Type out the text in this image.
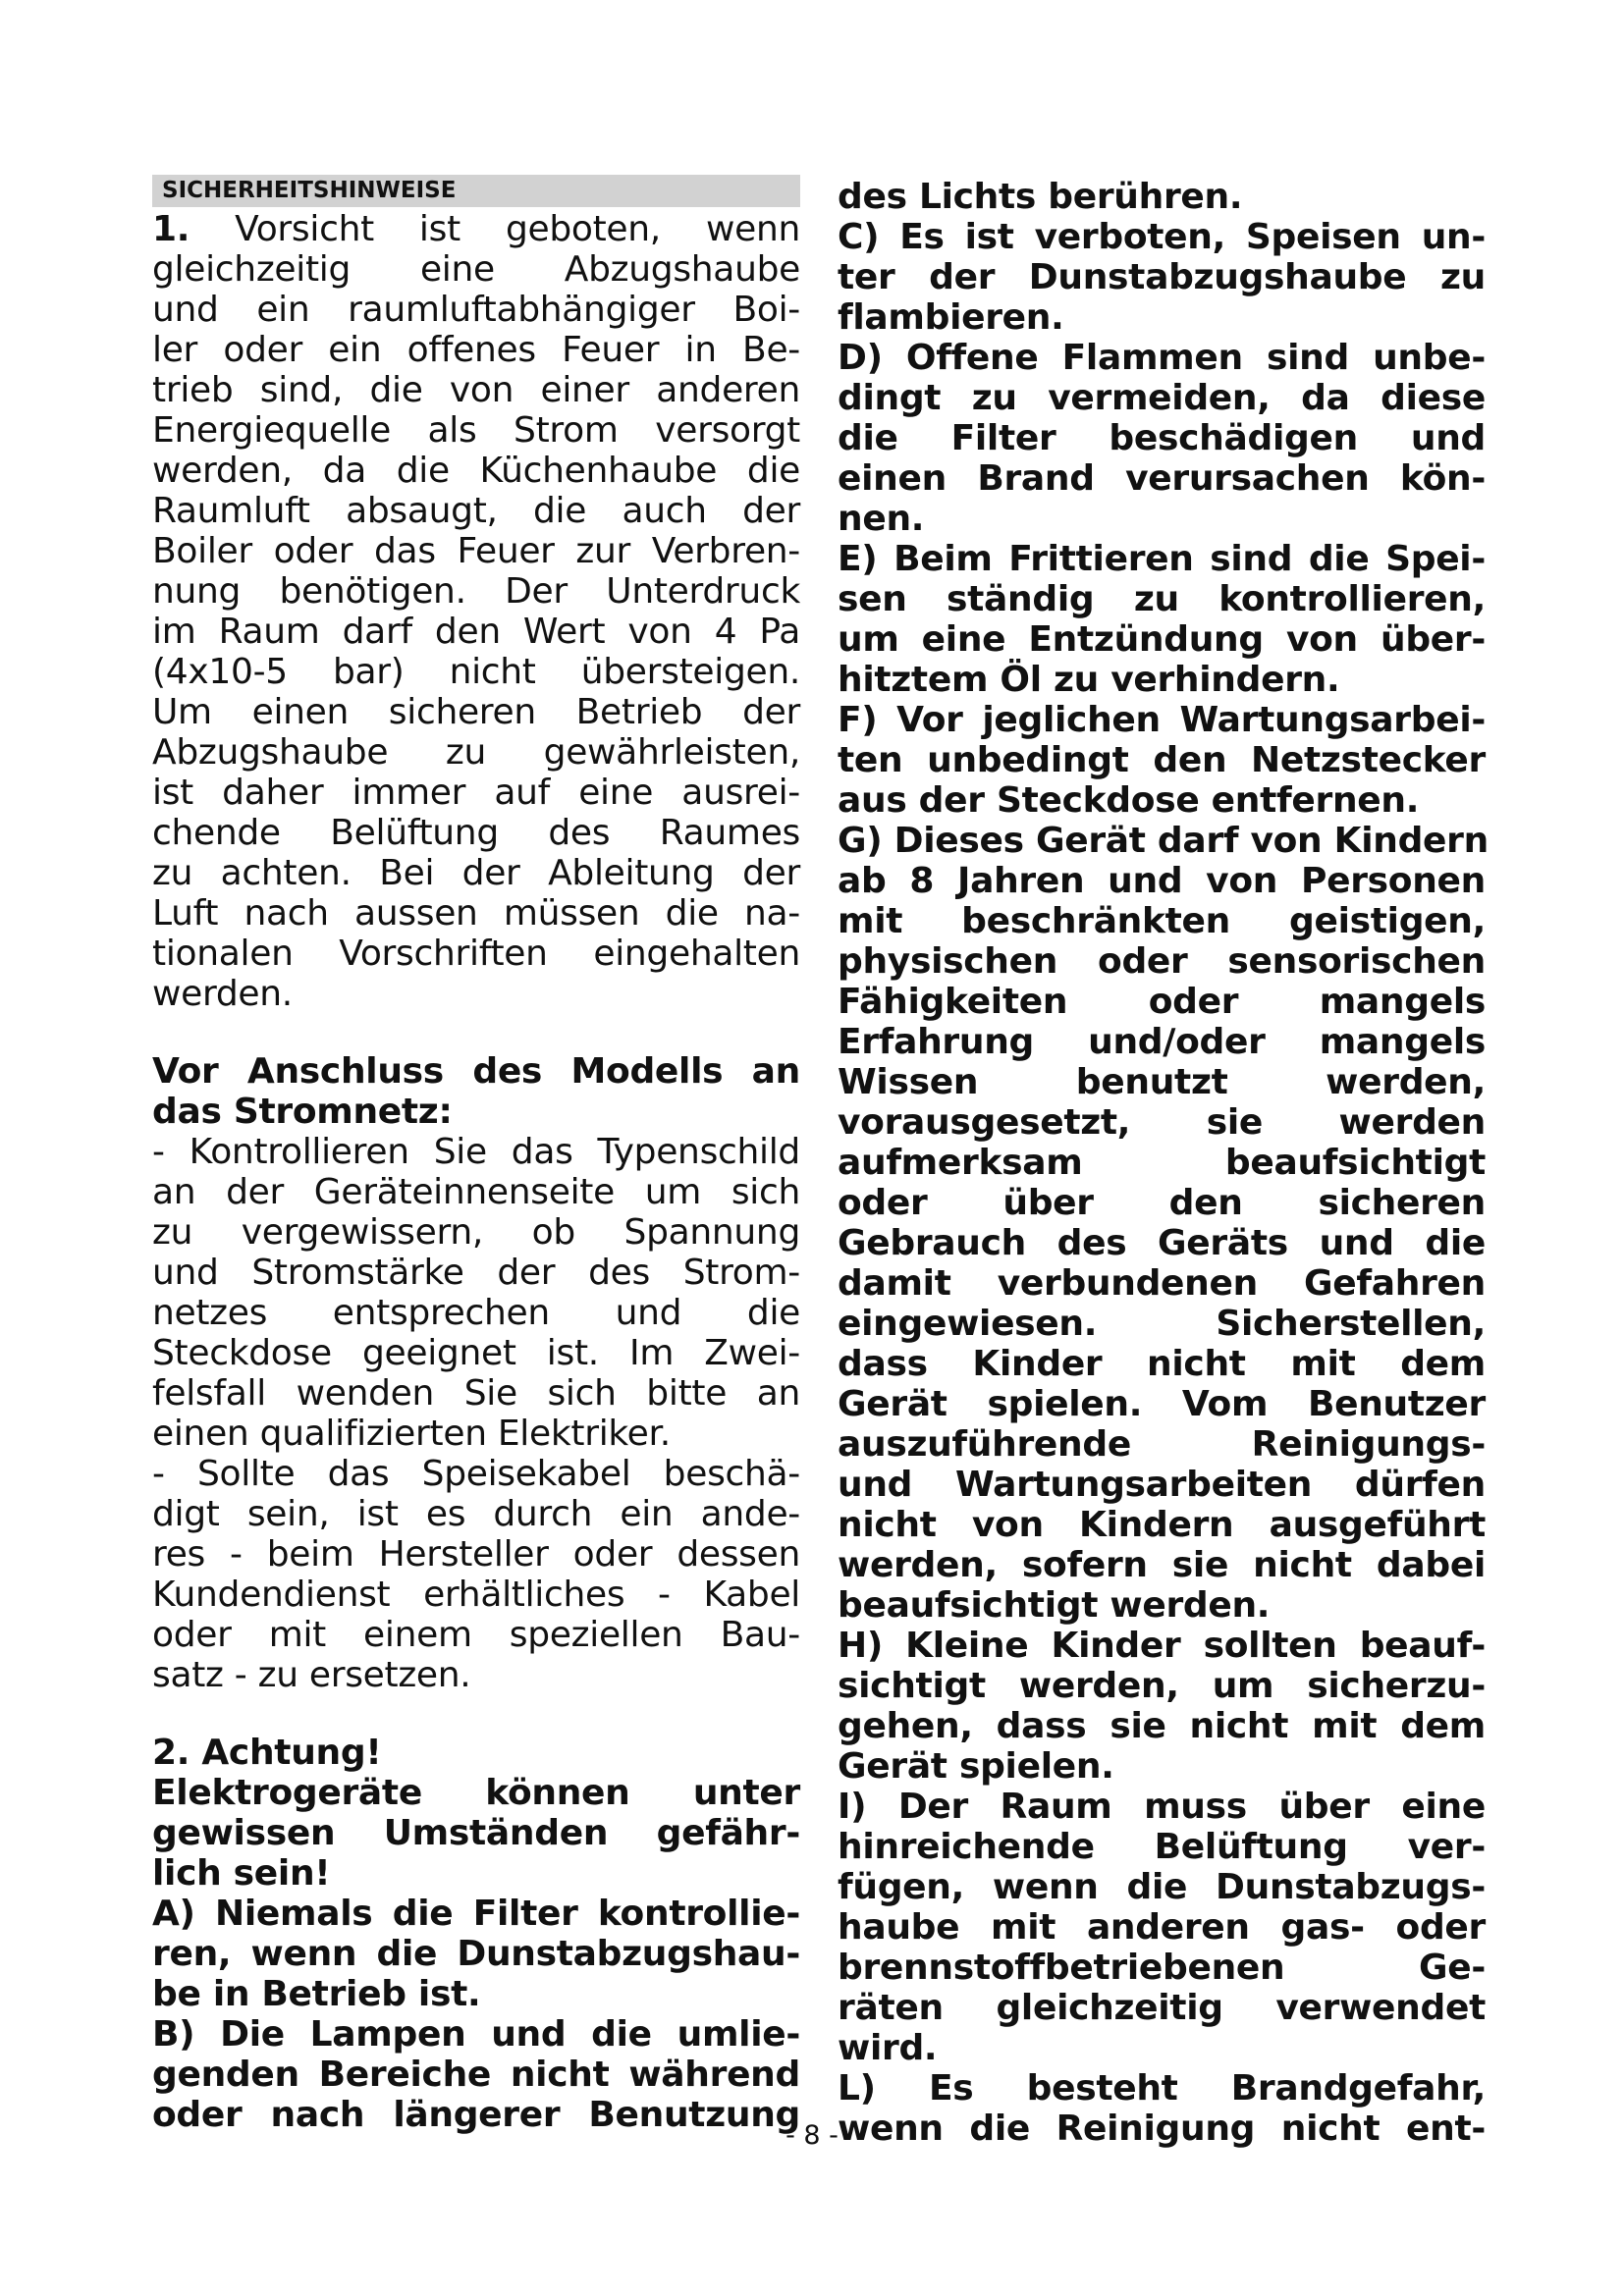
SICHERHEITSHINWEISE
1. Vorsicht ist geboten, wenn
gleichzeitig eine Abzugshaube
und ein raumluftabhängiger Boi-
ler oder ein offenes Feuer in Be-
trieb sind, die von einer anderen
Energiequelle als Strom versorgt
werden, da die Küchenhaube die
Raumluft absaugt, die auch der
Boiler oder das Feuer zur Verbren-
nung benötigen. Der Unterdruck
im Raum darf den Wert von 4 Pa
(4x10-5 bar) nicht übersteigen.
Um einen sicheren Betrieb der
Abzugshaube zu gewährleisten,
ist daher immer auf eine ausrei-
chende Belüftung des Raumes
zu achten. Bei der Ableitung der
Luft nach aussen müssen die na-
tionalen Vorschriften eingehalten
werden.
Vor Anschluss des Modells an
das Stromnetz:
- Kontrollieren Sie das Typenschild
an der Geräteinnenseite um sich
zu vergewissern, ob Spannung
und Stromstärke der des Strom-
netzes entsprechen und die
Steckdose geeignet ist. Im Zwei-
felsfall wenden Sie sich bitte an
einen qualifizierten Elektriker.
- Sollte das Speisekabel beschä-
digt sein, ist es durch ein ande-
res - beim Hersteller oder dessen
Kundendienst erhältliches - Kabel
oder mit einem speziellen Bau-
satz - zu ersetzen.
2. Achtung!
Elektrogeräte können unter
gewissen Umständen gefähr-
lich sein!
A) Niemals die Filter kontrollie-
ren, wenn die Dunstabzugshau-
be in Betrieb ist.
B) Die Lampen und die umlie-
genden Bereiche nicht während
oder nach längerer Benutzung
des Lichts berühren.
C) Es ist verboten, Speisen un-
ter der Dunstabzugshaube zu
flambieren.
D) Offene Flammen sind unbe-
dingt zu vermeiden, da diese
die Filter beschädigen und
einen Brand verursachen kön-
nen.
E) Beim Frittieren sind die Spei-
sen ständig zu kontrollieren,
um eine Entzündung von über-
hitztem Öl zu verhindern.
F) Vor jeglichen Wartungsarbei-
ten unbedingt den Netzstecker
aus der Steckdose entfernen.
G) Dieses Gerät darf von Kindern
ab 8 Jahren und von Personen
mit beschränkten geistigen,
physischen oder sensorischen
Fähigkeiten oder mangels
Erfahrung und/oder mangels
Wissen benutzt werden,
vorausgesetzt, sie werden
aufmerksam beaufsichtigt
oder über den sicheren
Gebrauch des Geräts und die
damit verbundenen Gefahren
eingewiesen. Sicherstellen,
dass Kinder nicht mit dem
Gerät spielen. Vom Benutzer
auszuführende Reinigungs-
und Wartungsarbeiten dürfen
nicht von Kindern ausgeführt
werden, sofern sie nicht dabei
beaufsichtigt werden.
H) Kleine Kinder sollten beauf-
sichtigt werden, um sicherzu-
gehen, dass sie nicht mit dem
Gerät spielen.
I) Der Raum muss über eine
hinreichende Belüftung ver-
fügen, wenn die Dunstabzugs-
haube mit anderen gas- oder
brennstoffbetriebenen Ge-
räten gleichzeitig verwendet
wird.
L) Es besteht Brandgefahr,
wenn die Reinigung nicht ent-
- 8 -
